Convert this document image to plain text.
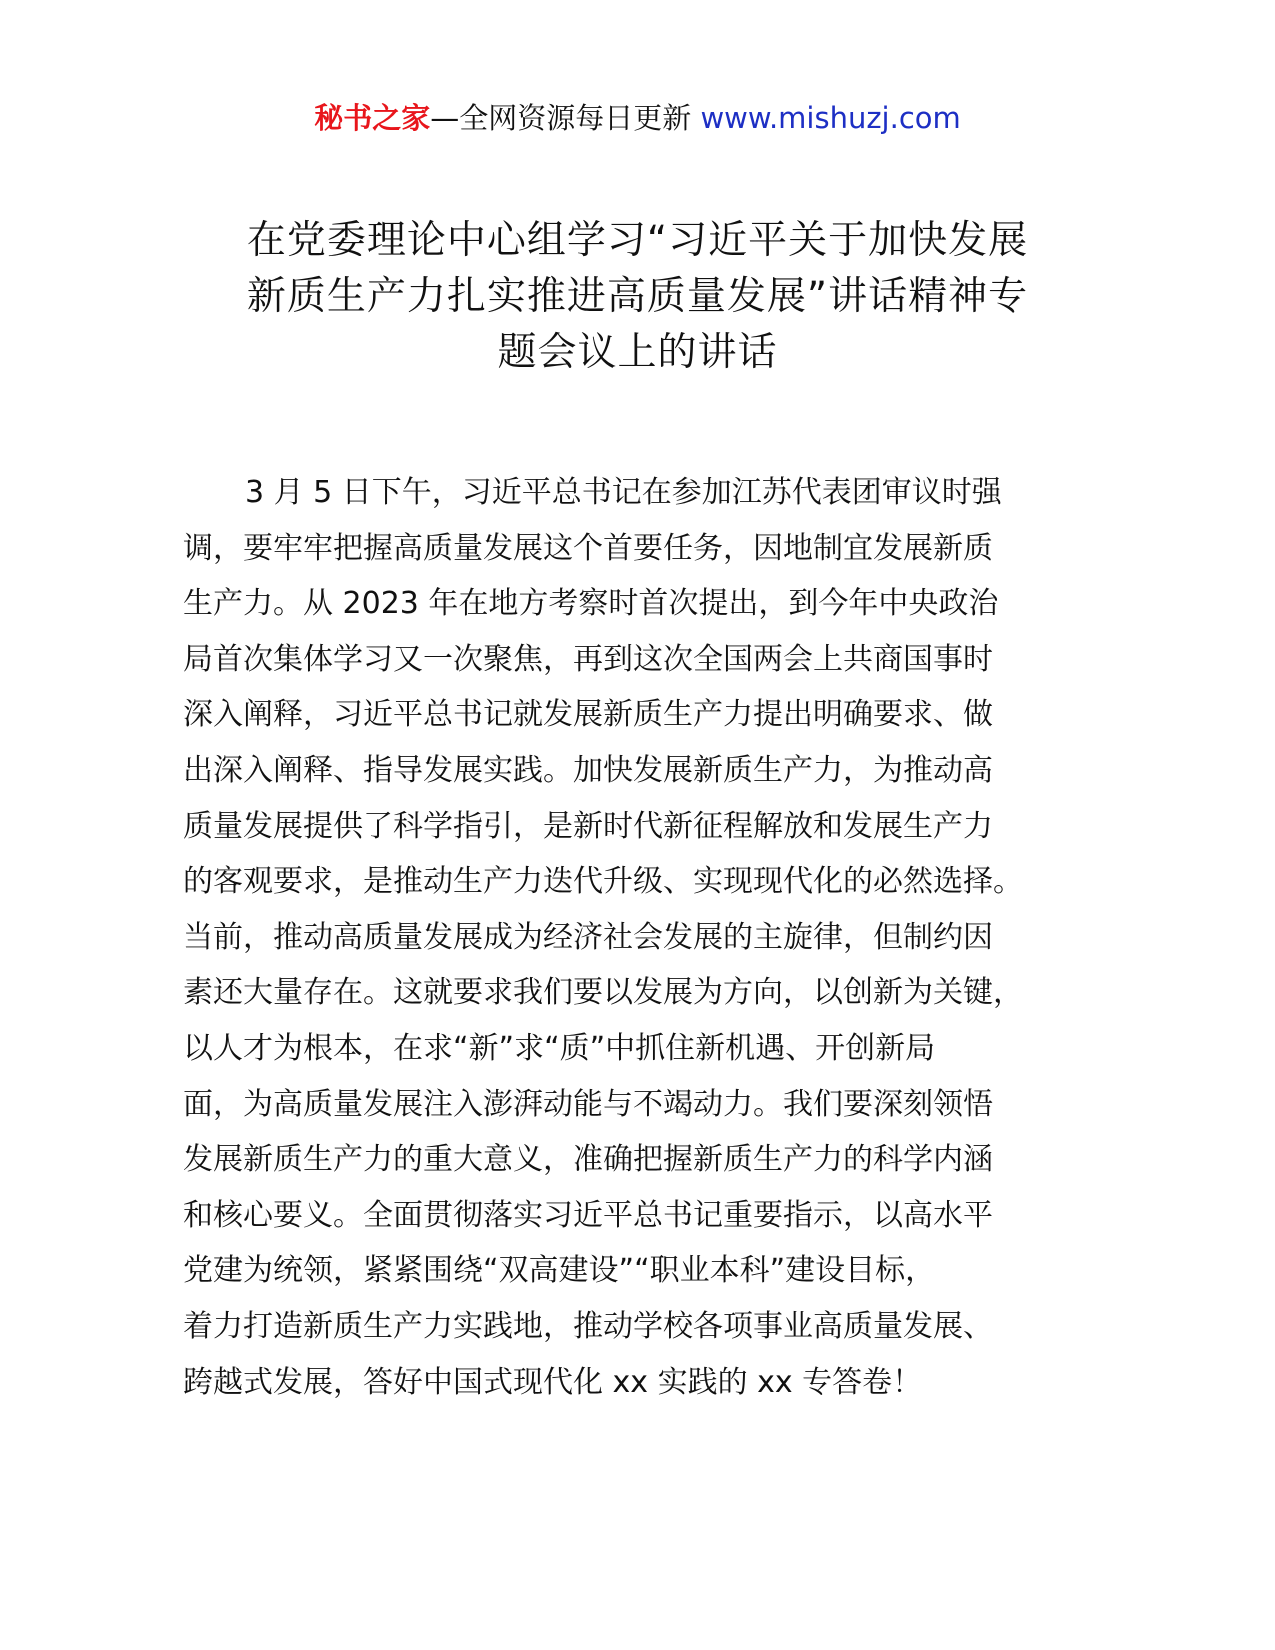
秘书之家—全网资源每日更新 www.mishuzj.com
在党委理论中心组学习“习近平关于加快发展
新质生产力扎实推进高质量发展”讲话精神专
题会议上的讲话
3 月 5 日下午，习近平总书记在参加江苏代表团审议时强
调，要牢牢把握高质量发展这个首要任务，因地制宜发展新质
生产力。从 2023 年在地方考察时首次提出，到今年中央政治
局首次集体学习又一次聚焦，再到这次全国两会上共商国事时
深入阐释，习近平总书记就发展新质生产力提出明确要求、做
出深入阐释、指导发展实践。加快发展新质生产力，为推动高
质量发展提供了科学指引，是新时代新征程解放和发展生产力
的客观要求，是推动生产力迭代升级、实现现代化的必然选择。
当前，推动高质量发展成为经济社会发展的主旋律，但制约因
素还大量存在。这就要求我们要以发展为方向，以创新为关键，
以人才为根本，在求“新”求“质”中抓住新机遇、开创新局
面，为高质量发展注入澎湃动能与不竭动力。我们要深刻领悟
发展新质生产力的重大意义，准确把握新质生产力的科学内涵
和核心要义。全面贯彻落实习近平总书记重要指示，以高水平
党建为统领，紧紧围绕“双高建设”“职业本科”建设目标，
着力打造新质生产力实践地，推动学校各项事业高质量发展、
跨越式发展，答好中国式现代化 xx 实践的 xx 专答卷！
